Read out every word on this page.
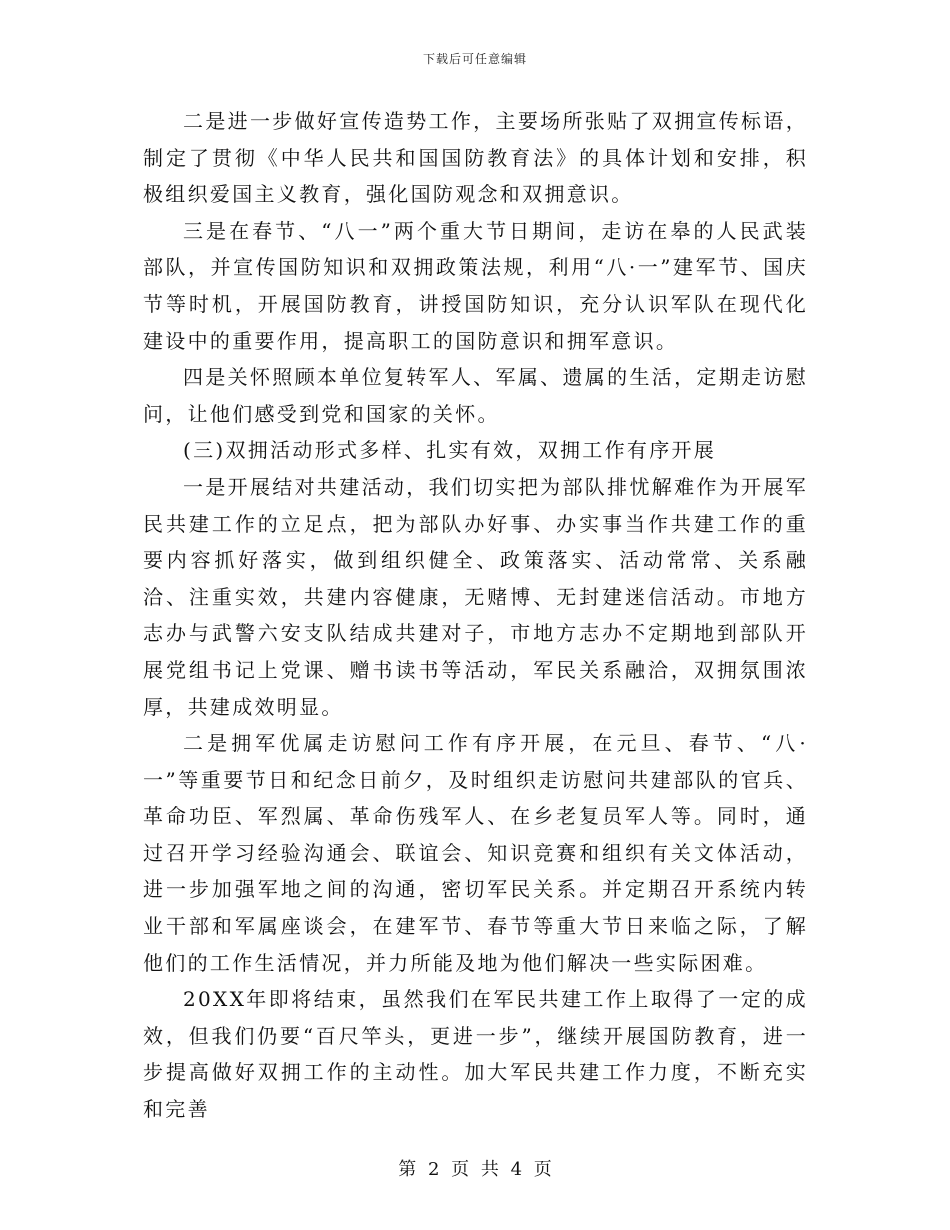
下载后可任意编辑

二是进一步做好宣传造势工作，主要场所张贴了双拥宣传标语，制定了贯彻《中华人民共和国国防教育法》的具体计划和安排，积极组织爱国主义教育，强化国防观念和双拥意识。

三是在春节、“八一”两个重大节日期间，走访在皋的人民武装部队，并宣传国防知识和双拥政策法规，利用“八·一”建军节、国庆节等时机，开展国防教育，讲授国防知识，充分认识军队在现代化建设中的重要作用，提高职工的国防意识和拥军意识。

四是关怀照顾本单位复转军人、军属、遗属的生活，定期走访慰问，让他们感受到党和国家的关怀。

(三)双拥活动形式多样、扎实有效，双拥工作有序开展

一是开展结对共建活动，我们切实把为部队排忧解难作为开展军民共建工作的立足点，把为部队办好事、办实事当作共建工作的重要内容抓好落实，做到组织健全、政策落实、活动常常、关系融洽、注重实效，共建内容健康，无赌博、无封建迷信活动。市地方志办与武警六安支队结成共建对子，市地方志办不定期地到部队开展党组书记上党课、赠书读书等活动，军民关系融洽，双拥氛围浓厚，共建成效明显。

二是拥军优属走访慰问工作有序开展，在元旦、春节、“八·一”等重要节日和纪念日前夕，及时组织走访慰问共建部队的官兵、革命功臣、军烈属、革命伤残军人、在乡老复员军人等。同时，通过召开学习经验沟通会、联谊会、知识竞赛和组织有关文体活动，进一步加强军地之间的沟通，密切军民关系。并定期召开系统内转业干部和军属座谈会，在建军节、春节等重大节日来临之际，了解他们的工作生活情况，并力所能及地为他们解决一些实际困难。

20XX年即将结束，虽然我们在军民共建工作上取得了一定的成效，但我们仍要“百尺竿头，更进一步”，继续开展国防教育，进一步提高做好双拥工作的主动性。加大军民共建工作力度，不断充实和完善

第 2 页 共 4 页
